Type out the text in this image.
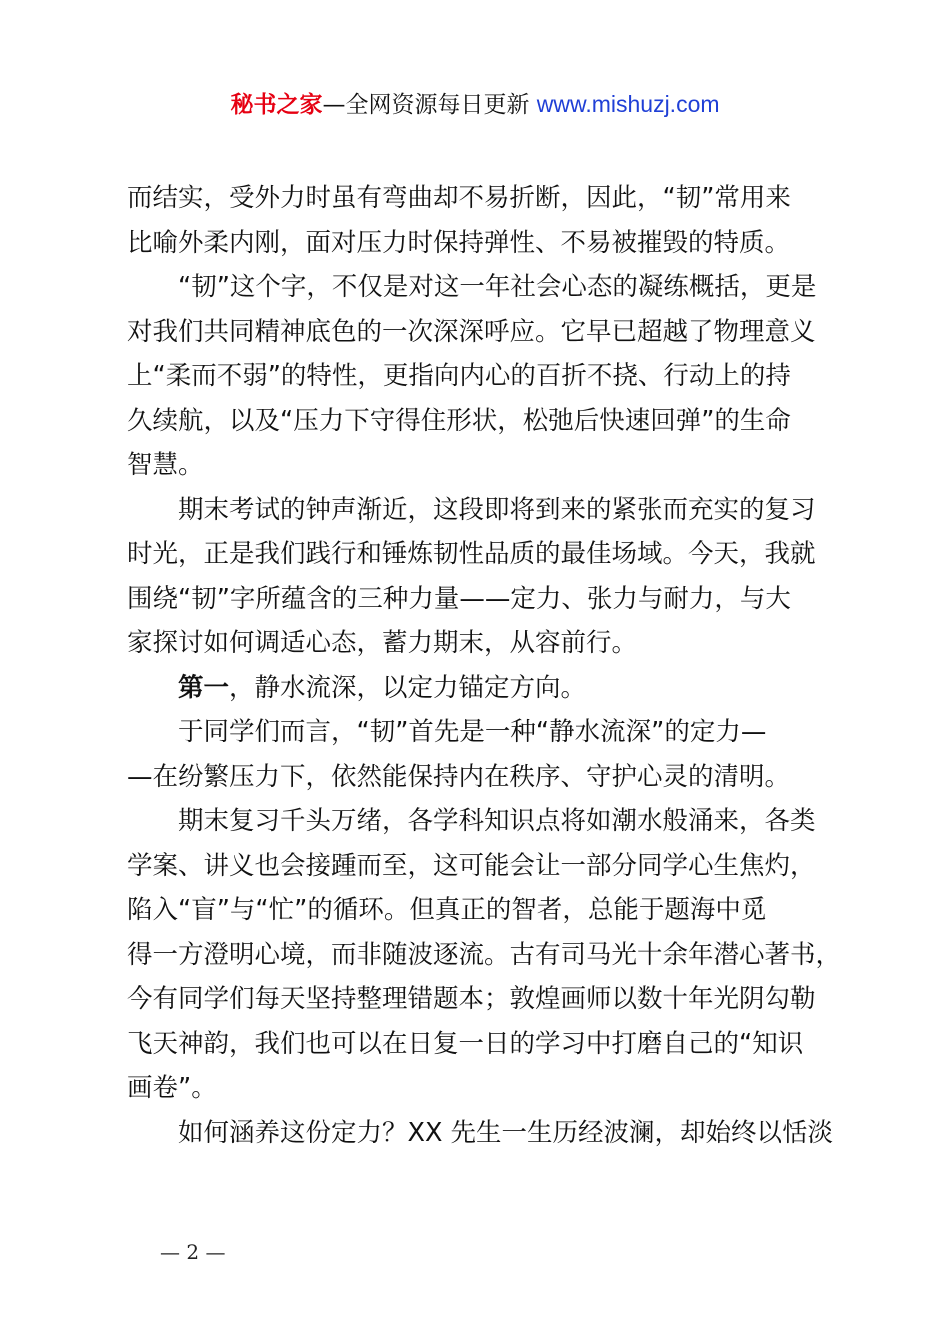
秘书之家—全网资源每日更新 www.mishuzj.com
而结实，受外力时虽有弯曲却不易折断，因此，“韧”常用来
比喻外柔内刚，面对压力时保持弹性、不易被摧毁的特质。
“韧”这个字，不仅是对这一年社会心态的凝练概括，更是
对我们共同精神底色的一次深深呼应。它早已超越了物理意义
上“柔而不弱”的特性，更指向内心的百折不挠、行动上的持
久续航，以及“压力下守得住形状，松弛后快速回弹”的生命
智慧。
期末考试的钟声渐近，这段即将到来的紧张而充实的复习
时光，正是我们践行和锤炼韧性品质的最佳场域。今天，我就
围绕“韧”字所蕴含的三种力量——定力、张力与耐力，与大
家探讨如何调适心态，蓄力期末，从容前行。
第一，静水流深，以定力锚定方向。
于同学们而言，“韧”首先是一种“静水流深”的定力—
—在纷繁压力下，依然能保持内在秩序、守护心灵的清明。
期末复习千头万绪，各学科知识点将如潮水般涌来，各类
学案、讲义也会接踵而至，这可能会让一部分同学心生焦灼，
陷入“盲”与“忙”的循环。但真正的智者，总能于题海中觅
得一方澄明心境，而非随波逐流。古有司马光十余年潜心著书，
今有同学们每天坚持整理错题本；敦煌画师以数十年光阴勾勒
飞天神韵，我们也可以在日复一日的学习中打磨自己的“知识
画卷”。
如何涵养这份定力？XX 先生一生历经波澜，却始终以恬淡
— 2 —
